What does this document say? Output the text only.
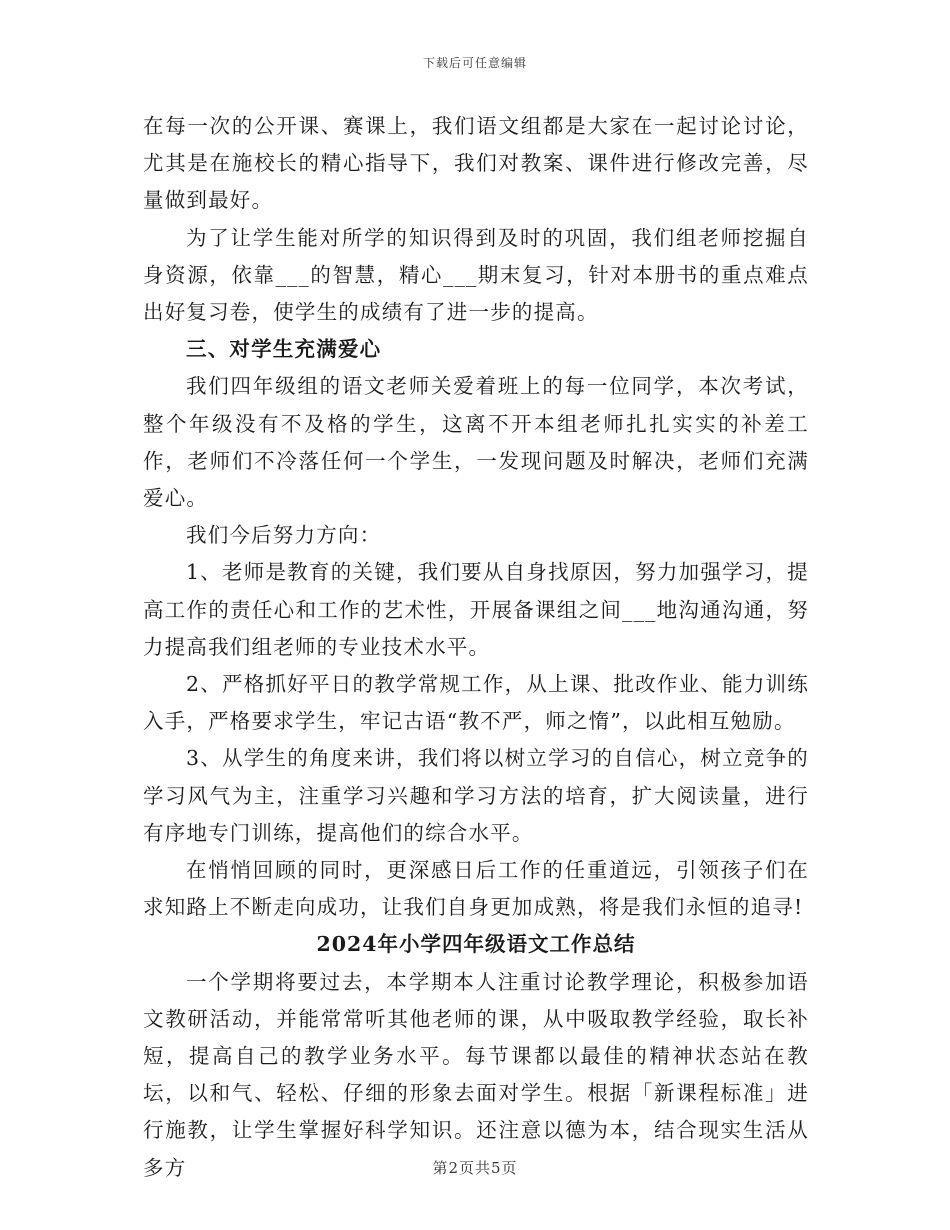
下载后可任意编辑

在每一次的公开课、赛课上，我们语文组都是大家在一起讨论讨论，尤其是在施校长的精心指导下，我们对教案、课件进行修改完善，尽量做到最好。

为了让学生能对所学的知识得到及时的巩固，我们组老师挖掘自身资源，依靠___的智慧，精心___期末复习，针对本册书的重点难点出好复习卷，使学生的成绩有了进一步的提高。

三、对学生充满爱心

我们四年级组的语文老师关爱着班上的每一位同学，本次考试，整个年级没有不及格的学生，这离不开本组老师扎扎实实的补差工作，老师们不冷落任何一个学生，一发现问题及时解决，老师们充满爱心。

我们今后努力方向：

1、老师是教育的关键，我们要从自身找原因，努力加强学习，提高工作的责任心和工作的艺术性，开展备课组之间___地沟通沟通，努力提高我们组老师的专业技术水平。

2、严格抓好平日的教学常规工作，从上课、批改作业、能力训练入手，严格要求学生，牢记古语“教不严，师之惰”，以此相互勉励。

3、从学生的角度来讲，我们将以树立学习的自信心，树立竞争的学习风气为主，注重学习兴趣和学习方法的培育，扩大阅读量，进行有序地专门训练，提高他们的综合水平。

在悄悄回顾的同时，更深感日后工作的任重道远，引领孩子们在求知路上不断走向成功，让我们自身更加成熟，将是我们永恒的追寻!

2024年小学四年级语文工作总结

一个学期将要过去，本学期本人注重讨论教学理论，积极参加语文教研活动，并能常常听其他老师的课，从中吸取教学经验，取长补短，提高自己的教学业务水平。每节课都以最佳的精神状态站在教坛，以和气、轻松、仔细的形象去面对学生。根据「新课程标准」进行施教，让学生掌握好科学知识。还注意以德为本，结合现实生活从多方	第2页共5页
